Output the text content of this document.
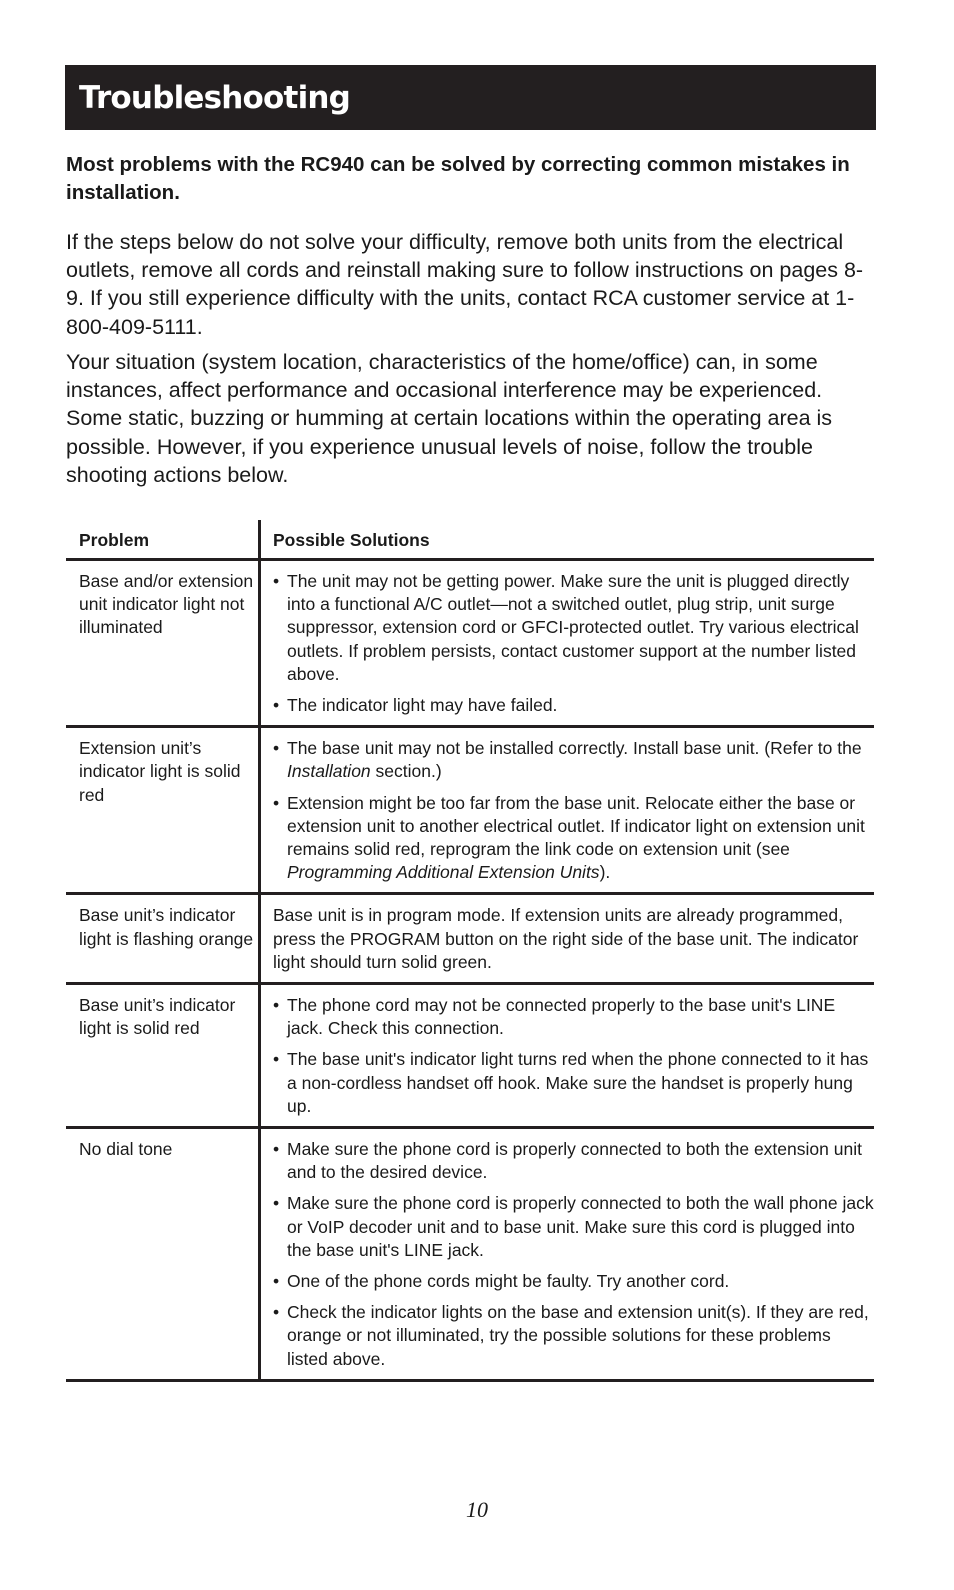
Troubleshooting
Most problems with the RC940 can be solved by correcting common mistakes in installation.
If the steps below do not solve your difficulty, remove both units from the electrical outlets, remove all cords and reinstall making sure to follow instructions on pages 8-9. If you still experience difficulty with the units, contact RCA customer service at 1-800-409-5111.
Your situation (system location, characteristics of the home/office) can, in some instances, affect performance and occasional interference may be experienced. Some static, buzzing or humming at certain locations within the operating area is possible. However, if you experience unusual levels of noise, follow the trouble shooting actions below.
Problem	Possible Solutions
Base and/or extension unit indicator light not illuminated
• The unit may not be getting power. Make sure the unit is plugged directly into a functional A/C outlet—not a switched outlet, plug strip, unit surge suppressor, extension cord or GFCI-protected outlet. Try various electrical outlets. If problem persists, contact customer support at the number listed above.
• The indicator light may have failed.
Extension unit’s indicator light is solid red
• The base unit may not be installed correctly. Install base unit. (Refer to the Installation section.)
• Extension might be too far from the base unit. Relocate either the base or extension unit to another electrical outlet. If indicator light on extension unit remains solid red, reprogram the link code on extension unit (see Programming Additional Extension Units).
Base unit’s indicator light is flashing orange
Base unit is in program mode. If extension units are already programmed, press the PROGRAM button on the right side of the base unit. The indicator light should turn solid green.
Base unit’s indicator light is solid red
• The phone cord may not be connected properly to the base unit's LINE jack. Check this connection.
• The base unit's indicator light turns red when the phone connected to it has a non-cordless handset off hook. Make sure the handset is properly hung up.
No dial tone	• Make sure the phone cord is properly connected to both the extension unit and to the desired device.
• Make sure the phone cord is properly connected to both the wall phone jack or VoIP decoder unit and to base unit. Make sure this cord is plugged into the base unit's LINE jack.
• One of the phone cords might be faulty. Try another cord.
• Check the indicator lights on the base and extension unit(s). If they are red, orange or not illuminated, try the possible solutions for these problems listed above.
10
